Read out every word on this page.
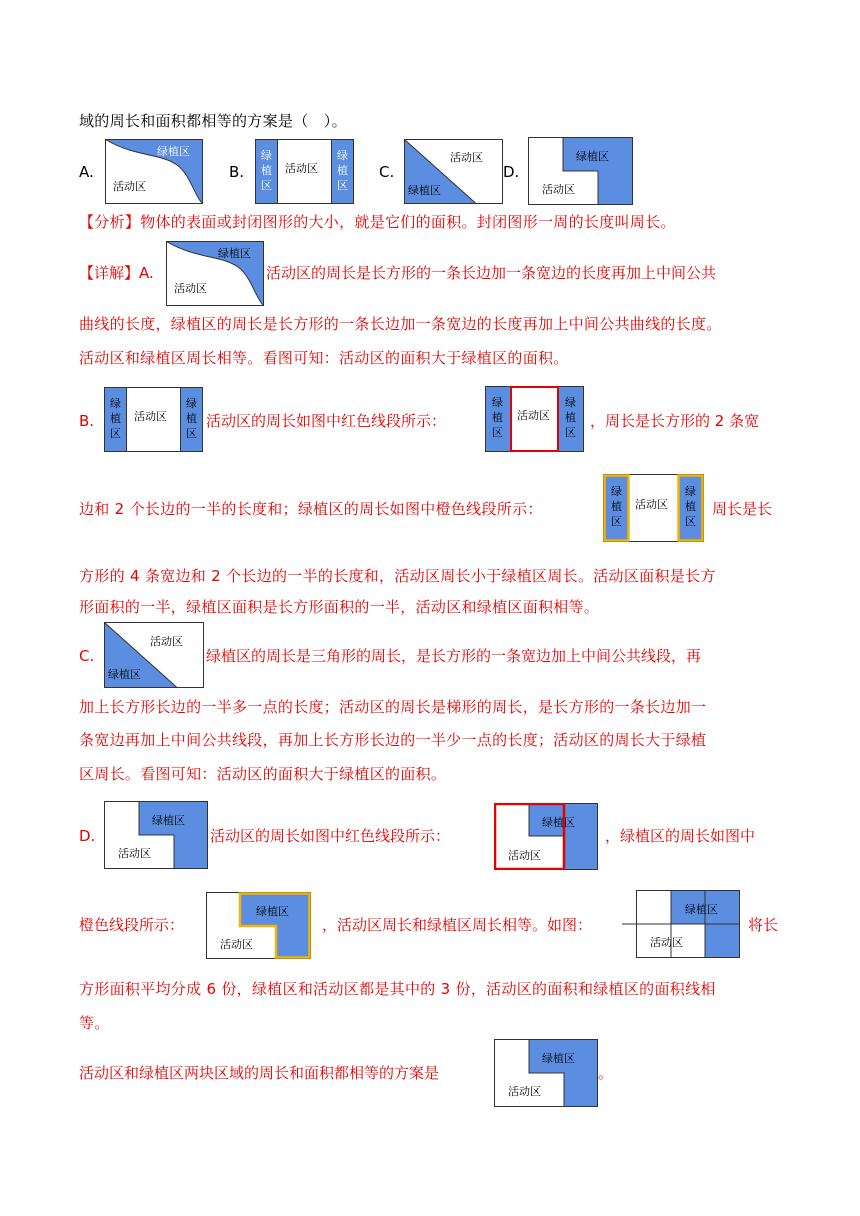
域的周长和面积都相等的方案是（　）。
A.	B.	C.	D.
绿植区
活动区
绿
植
区
绿
植
区
活动区
活动区
绿植区
绿植区
活动区
【分析】物体的表面或封闭图形的大小，就是它们的面积。封闭图形一周的长度叫周长。
【详解】A.
绿植区
活动区
活动区的周长是长方形的一条长边加一条宽边的长度再加上中间公共
曲线的长度，绿植区的周长是长方形的一条长边加一条宽边的长度再加上中间公共曲线的长度。
活动区和绿植区周长相等。看图可知：活动区的面积大于绿植区的面积。
B.
绿
植
区
绿
植
区
活动区	活动区的周长如图中红色线段所示：
绿
植
区
绿
植
区
活动区	，周长是长方形的 2 条宽
边和 2 个长边的一半的长度和；绿植区的周长如图中橙色线段所示：
绿
植
区
绿
植
区
活动区	周长是长
方形的 4 条宽边和 2 个长边的一半的长度和，活动区周长小于绿植区周长。活动区面积是长方
形面积的一半，绿植区面积是长方形面积的一半，活动区和绿植区面积相等。
C.
活动区
绿植区
绿植区的周长是三角形的周长，是长方形的一条宽边加上中间公共线段，再
加上长方形长边的一半多一点的长度；活动区的周长是梯形的周长，是长方形的一条长边加一
条宽边再加上中间公共线段，再加上长方形长边的一半少一点的长度；活动区的周长大于绿植
区周长。看图可知：活动区的面积大于绿植区的面积。
D.
绿植区
活动区
活动区的周长如图中红色线段所示：
绿植区
活动区
，绿植区的周长如图中
橙色线段所示：
绿植区
活动区
，活动区周长和绿植区周长相等。如图：
绿植区
活动区
将长
方形面积平均分成 6 份，绿植区和活动区都是其中的 3 份，活动区的面积和绿植区的面积线相
等。
活动区和绿植区两块区域的周长和面积都相等的方案是
绿植区
活动区
。
